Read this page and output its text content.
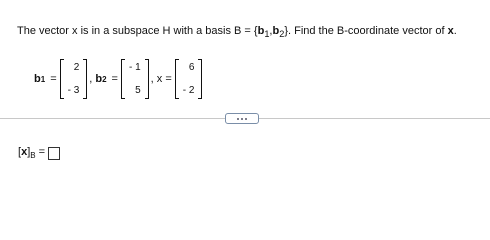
The vector x is in a subspace H with a basis $B = \{b_1,b_2\}$. Find the B-coordinate vector of x.
b 1 =
2
- 3
, b 2 =
- 1
5
, x =
6
- 2
$[x]_B$ =
